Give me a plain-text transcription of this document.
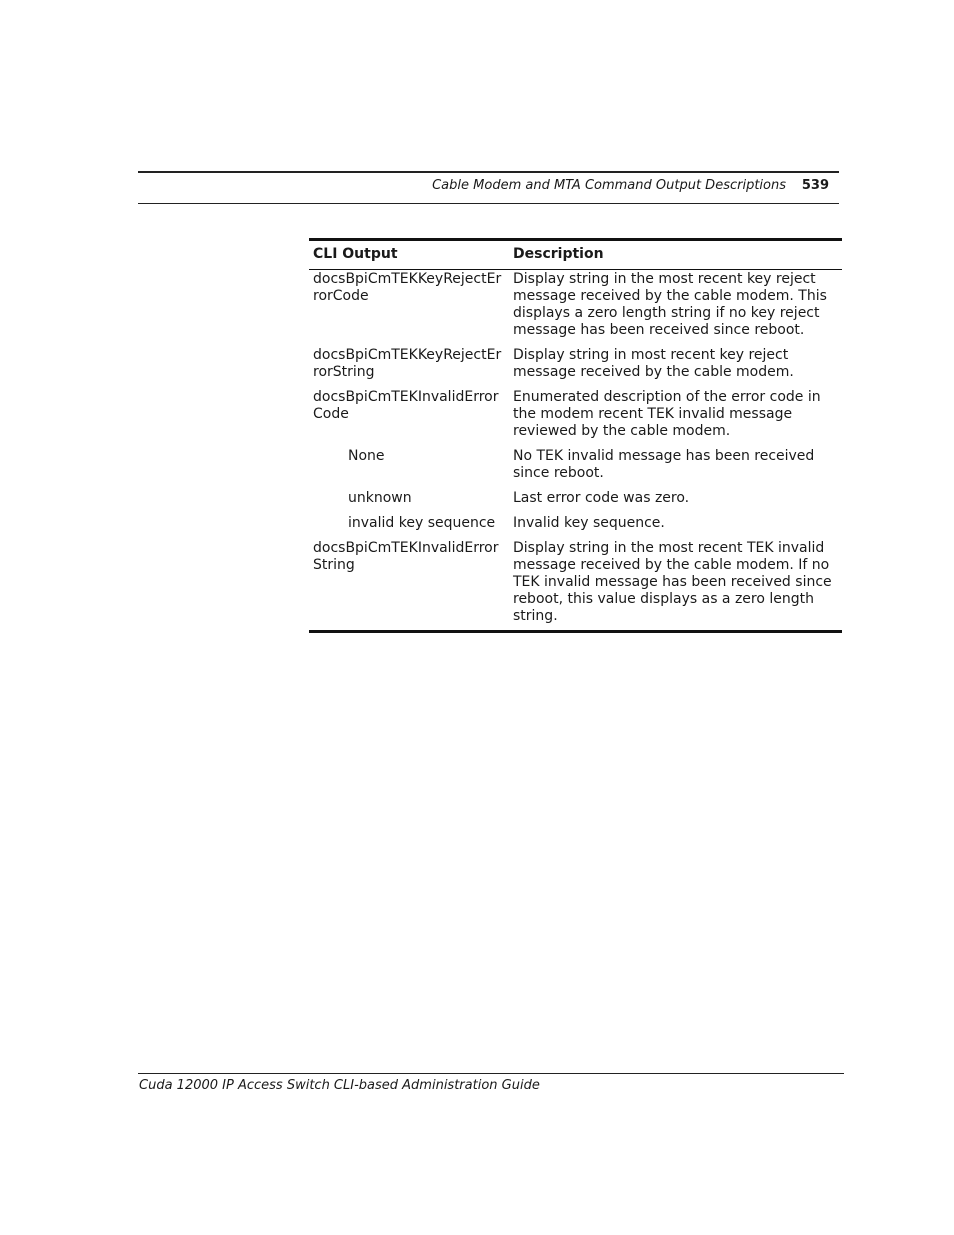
Cable Modem and MTA Command Output Descriptions	539
CLI Output	Description
docsBpiCmTEKKeyRejectErrorCode	Display string in the most recent key reject message received by the cable modem. This displays a zero length string if no key reject message has been received since reboot.
docsBpiCmTEKKeyRejectErrorString	Display string in most recent key reject message received by the cable modem.
docsBpiCmTEKInvalidErrorCode	Enumerated description of the error code in the modem recent TEK invalid message reviewed by the cable modem.
None	No TEK invalid message has been received since reboot.
unknown	Last error code was zero.
invalid key sequence	Invalid key sequence.
docsBpiCmTEKInvalidErrorString	Display string in the most recent TEK invalid message received by the cable modem. If no TEK invalid message has been received since reboot, this value displays as a zero length string.
Cuda 12000 IP Access Switch CLI-based Administration Guide
